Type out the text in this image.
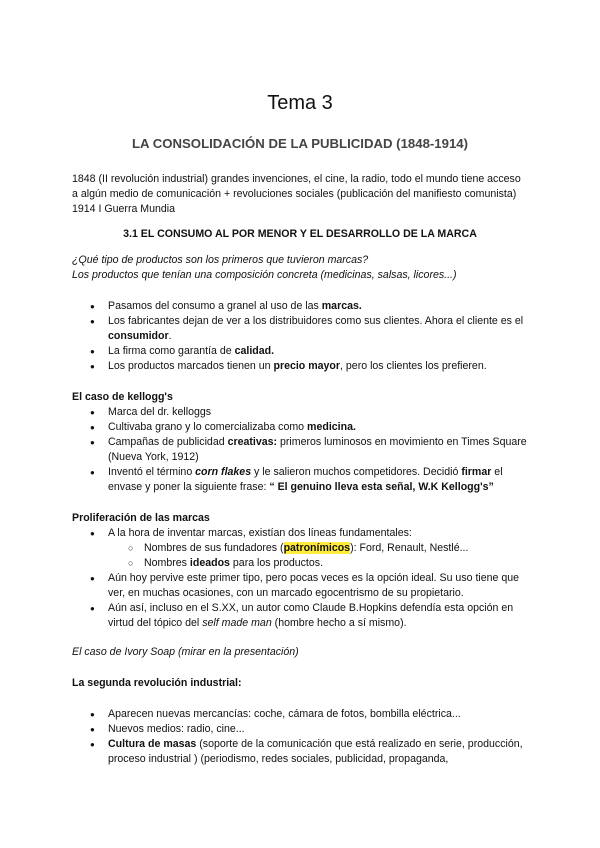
Tema 3
LA CONSOLIDACIÓN DE LA PUBLICIDAD (1848-1914)

1848 (II revolución industrial) grandes invenciones, el cine, la radio, todo el mundo tiene acceso a algún medio de comunicación + revoluciones sociales (publicación del manifiesto comunista)

1914 I Guerra Mundia

3.1 EL CONSUMO AL POR MENOR Y EL DESARROLLO DE LA MARCA

¿Qué tipo de productos son los primeros que tuvieron marcas?

Los productos que tenían una composición concreta (medicinas, salsas, licores...)

● Pasamos del consumo a granel al uso de las marcas.
● Los fabricantes dejan de ver a los distribuidores como sus clientes. Ahora el cliente es el consumidor.
● La firma como garantía de calidad.
● Los productos marcados tienen un precio mayor, pero los clientes los prefieren.

El caso de kellogg's

● Marca del dr. kelloggs
● Cultivaba grano y lo comercializaba como medicina.
● Campañas de publicidad creativas: primeros luminosos en movimiento en Times Square (Nueva York, 1912)
● Inventó el término corn flakes y le salieron muchos competidores. Decidió firmar el envase y poner la siguiente frase: “ El genuino lleva esta señal, W.K Kellogg's”

Proliferación de las marcas

● A la hora de inventar marcas, existían dos líneas fundamentales:
○ Nombres de sus fundadores (patronímicos): Ford, Renault, Nestlé...
○ Nombres ideados para los productos.
● Aún hoy pervive este primer tipo, pero pocas veces es la opción ideal. Su uso tiene que ver, en muchas ocasiones, con un marcado egocentrismo de su propietario.
● Aún así, incluso en el S.XX, un autor como Claude B.Hopkins defendía esta opción en virtud del tópico del self made man (hombre hecho a sí mismo).

El caso de Ivory Soap (mirar en la presentación)

La segunda revolución industrial:

● Aparecen nuevas mercancías: coche, cámara de fotos, bombilla eléctrica...
● Nuevos medios: radio, cine...
● Cultura de masas (soporte de la comunicación que está realizado en serie, producción, proceso industrial ) (periodismo, redes sociales, publicidad, propaganda,
